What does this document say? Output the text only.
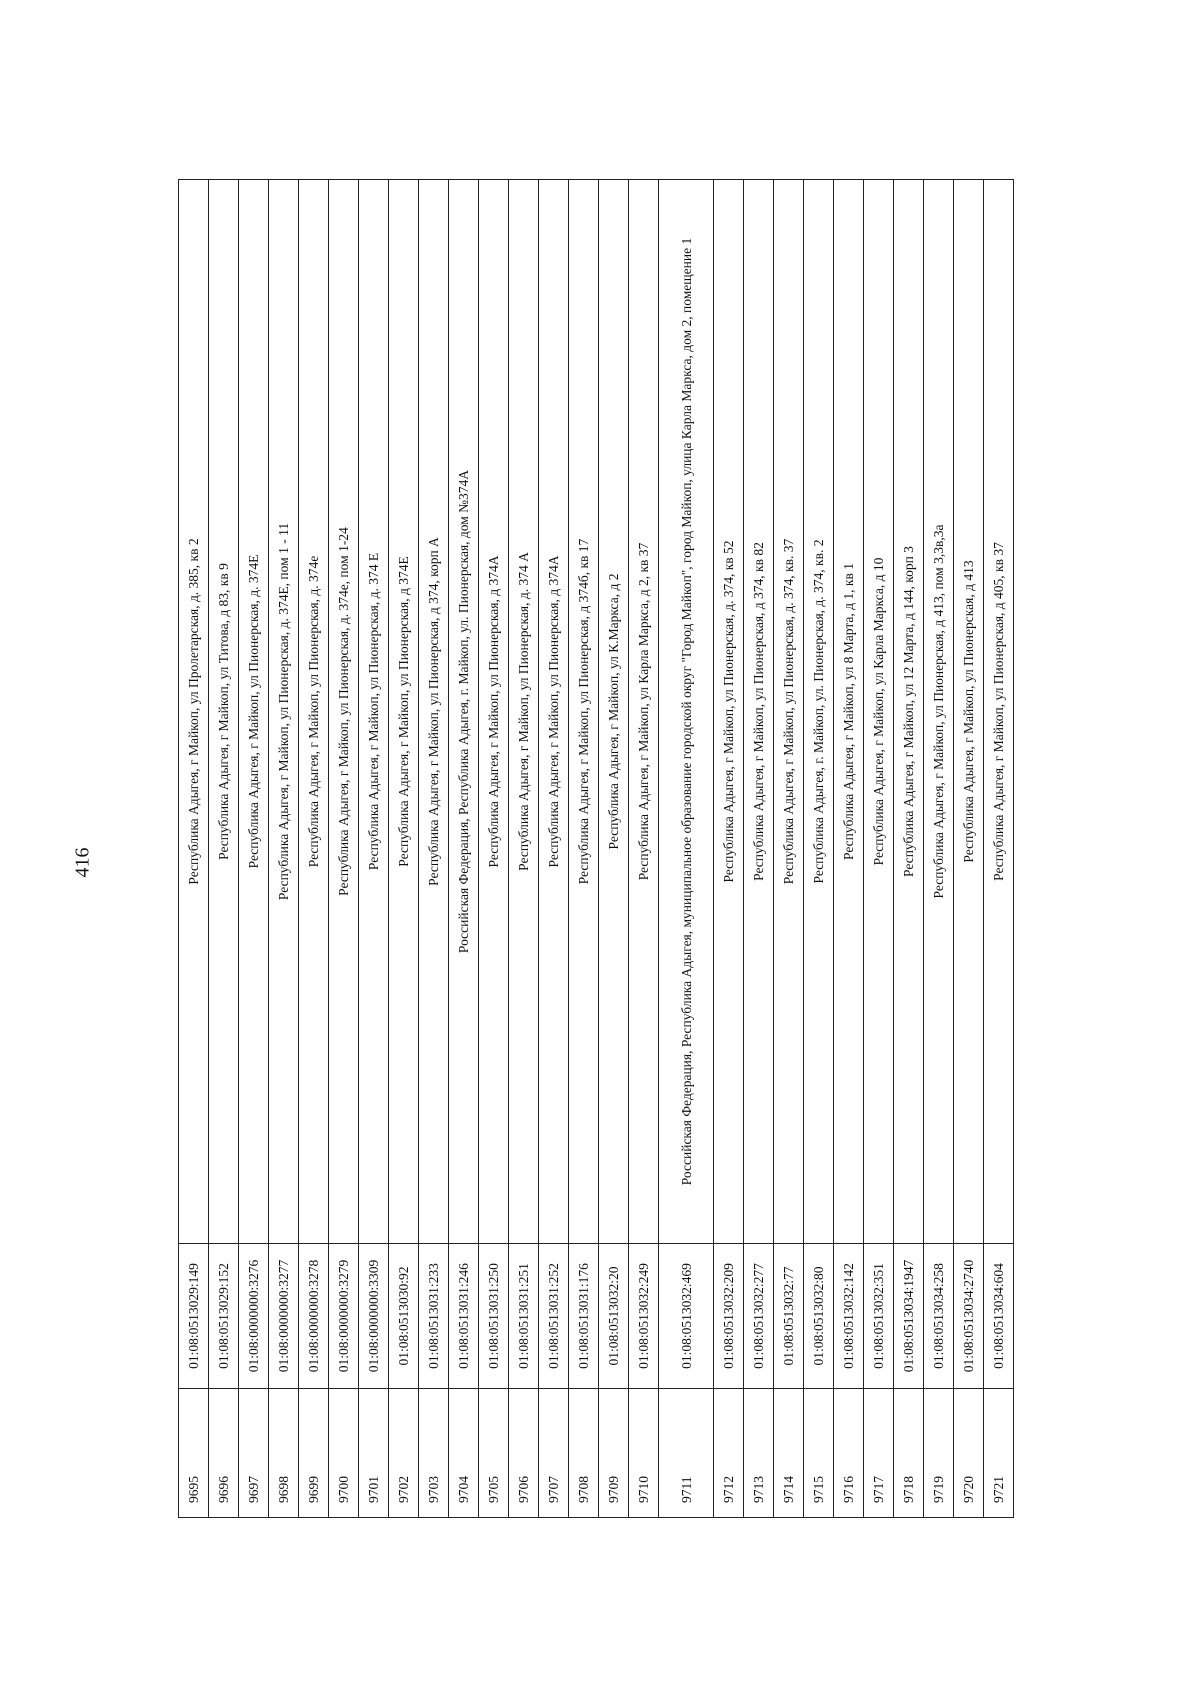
416
9695	01:08:0513029:149	Республика Адыгея, г Майкоп, ул Пролетарская, д. 385, кв 2
9696	01:08:0513029:152	Республика Адыгея, г Майкоп, ул Титова, д 83, кв 9
9697	01:08:0000000:3276	Республика Адыгея, г Майкоп, ул Пионерская, д. 374Е
9698	01:08:0000000:3277	Республика Адыгея, г Майкоп, ул Пионерская, д. 374Е, пом 1 - 11
9699	01:08:0000000:3278	Республика Адыгея, г Майкоп, ул Пионерская, д. 374е
9700	01:08:0000000:3279	Республика Адыгея, г Майкоп, ул Пионерская, д. 374е, пом 1-24
9701	01:08:0000000:3309	Республика Адыгея, г Майкоп, ул Пионерская, д. 374 Е
9702	01:08:0513030:92	Республика Адыгея, г Майкоп, ул Пионерская, д 374Е
9703	01:08:0513031:233	Республика Адыгея, г Майкоп, ул Пионерская, д 374, корп А
9704	01:08:0513031:246	Российская Федерация, Республика Адыгея, г. Майкоп, ул. Пионерская, дом №374А
9705	01:08:0513031:250	Республика Адыгея, г Майкоп, ул Пионерская, д 374А
9706	01:08:0513031:251	Республика Адыгея, г Майкоп, ул Пионерская, д. 374 А
9707	01:08:0513031:252	Республика Адыгея, г Майкоп, ул Пионерская, д 374А
9708	01:08:0513031:176	Республика Адыгея, г Майкоп, ул Пионерская, д 374б, кв 17
9709	01:08:0513032:20	Республика Адыгея, г Майкоп, ул К.Маркса, д 2
9710	01:08:0513032:249	Республика Адыгея, г Майкоп, ул Карла Маркса, д 2, кв 37
9711	01:08:0513032:469	Российская Федерация, Республика Адыгея, муниципальное образование городской округ "Город Майкоп", город Майкоп, улица Карла Маркса, дом 2, помещение 1
9712	01:08:0513032:209	Республика Адыгея, г Майкоп, ул Пионерская, д. 374, кв 52
9713	01:08:0513032:277	Республика Адыгея, г Майкоп, ул Пионерская, д 374, кв 82
9714	01:08:0513032:77	Республика Адыгея, г Майкоп, ул Пионерская, д. 374, кв. 37
9715	01:08:0513032:80	Республика Адыгея, г. Майкоп, ул. Пионерская, д. 374, кв. 2
9716	01:08:0513032:142	Республика Адыгея, г Майкоп, ул 8 Марта, д 1, кв 1
9717	01:08:0513032:351	Республика Адыгея, г Майкоп, ул Карла Маркса, д 10
9718	01:08:0513034:1947	Республика Адыгея, г Майкоп, ул 12 Марта, д 144, корп 3
9719	01:08:0513034:258	Республика Адыгея, г Майкоп, ул Пионерская, д 413, пом 3,3в,3а
9720	01:08:0513034:2740	Республика Адыгея, г Майкоп, ул Пионерская, д 413
9721	01:08:0513034:604	Республика Адыгея, г Майкоп, ул Пионерская, д 405, кв 37
